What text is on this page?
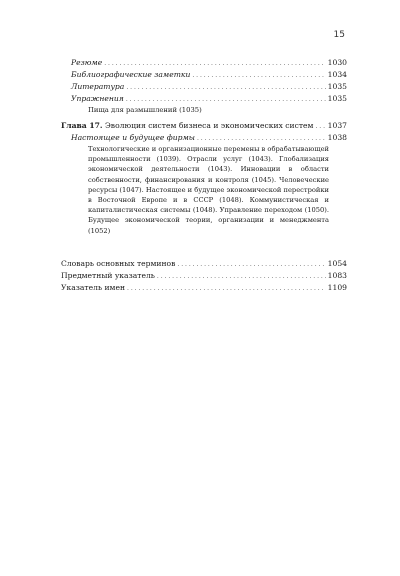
15
Резюме . . .	1030
Библиографические заметки . . .	1034
Литература . . .	1035
Упражнения . . .	1035
Пища для размышлений (1035)
Глава 17. Эволюция систем бизнеса и экономических систем . . . 1037
Настоящее и будущее фирмы . . .	1038
Технологические и организационные перемены в обрабатывающей промышленности (1039). Отрасли услуг (1043). Глобализация экономической деятельности (1043). Инновации в области собственности, финансирования и контроля (1045). Человеческие ресурсы (1047). Настоящее и будущее экономической перестройки в Восточной Европе и в СССР (1048). Коммунистическая и капиталистическая системы (1048). Управление переходом (1050). Будущее экономической теории, организации и менеджмента (1052)
Словарь основных терминов . . .	1054
Предметный указатель . . .	1083
Указатель имен . . .	1109
